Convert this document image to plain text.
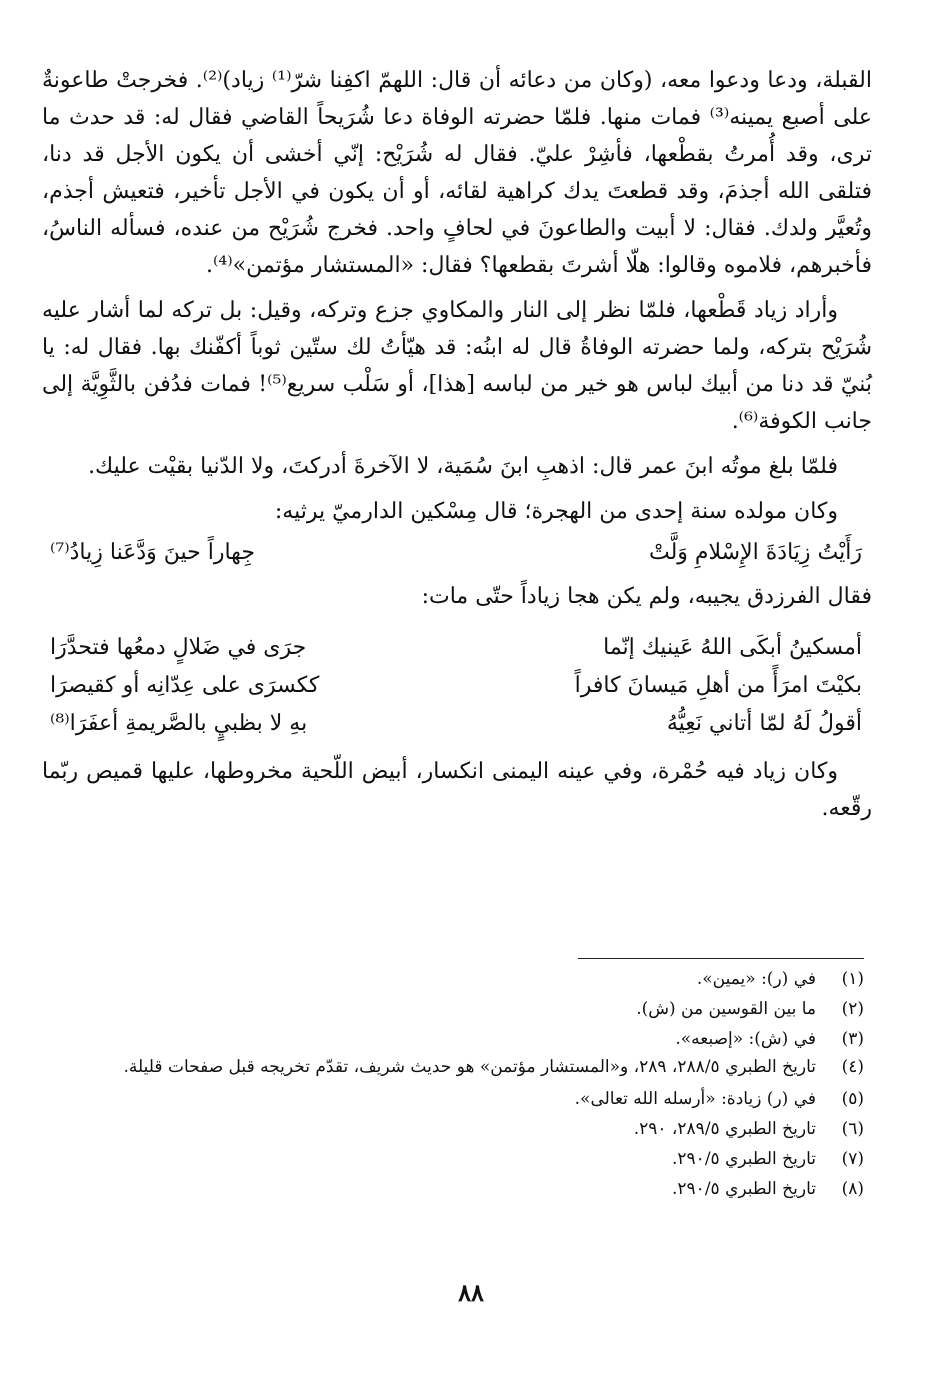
القبلة، ودعا ودعوا معه، (وكان من دعائه أن قال: اللهمّ اكفِنا شرّ⁽¹⁾ زياد)⁽²⁾. فخرجتْ طاعونةٌ على أصبع يمينه⁽³⁾ فمات منها. فلمّا حضرته الوفاة دعا شُرَيحاً القاضي فقال له: قد حدث ما ترى، وقد أُمرتُ بقطْعها، فأشِرْ عليّ. فقال له شُرَيْح: إنّي أخشى أن يكون الأجل قد دنا، فتلقى الله أجذمَ، وقد قطعتَ يدك كراهية لقائه، أو أن يكون في الأجل تأخير، فتعيش أجذم، وتُعيَّر ولدك. فقال: لا أبيت والطاعونَ في لحافٍ واحد. فخرج شُرَيْح من عنده، فسأله الناسُ، فأخبرهم، فلاموه وقالوا: هلّا أشرتَ بقطعها؟ فقال: «المستشار مؤتمن»⁽⁴⁾.

وأراد زياد قَطْعها، فلمّا نظر إلى النار والمكاوي جزع وتركه، وقيل: بل تركه لما أشار عليه شُرَيْح بتركه، ولما حضرته الوفاةُ قال له ابنُه: قد هيّأتُ لك ستّين ثوباً أكفّنك بها. فقال له: يا بُنيّ قد دنا من أبيك لباس هو خير من لباسه [هذا]، أو سَلْب سريع⁽⁵⁾! فمات فدُفن بالثَّوِيَّة إلى جانب الكوفة⁽⁶⁾.

فلمّا بلغ موتُه ابنَ عمر قال: اذهبِ ابنَ سُمَية، لا الآخرةَ أدركتَ، ولا الدّنيا بقيْت عليك.

وكان مولده سنة إحدى من الهجرة؛ قال مِسْكين الدارميّ يرثيه:

رَأَيْتُ زِيَادَةَ الإِسْلامِ وَلَّتْ
جِهاراً حينَ وَدَّعَنا زِيادُ⁽⁷⁾

فقال الفرزدق يجيبه، ولم يكن هجا زياداً حتّى مات:

أمسكينُ أبكَى اللهُ عَينيك إنّما
جرَى في ضَلالٍ دمعُها فتحدَّرَا
بكيْتَ امرَأً من أهلِ مَيسانَ كافراً
ككسرَى على عِدّانِه أو كقيصرَا
أقولُ لَهُ لمّا أتاني نَعِيُّهُ
بهِ لا بظبيٍ بالصَّريمةِ أعفَرَا⁽⁸⁾

وكان زياد فيه حُمْرة، وفي عينه اليمنى انكسار، أبيض اللّحية مخروطها، عليها قميص ربّما رقّعه.

(١)
في (ر): «يمين».
(٢)
ما بين القوسين من (ش).
(٣)
في (ش): «إصبعه».
(٤)
تاريخ الطبري ٢٨٨/٥، ٢٨٩، و«المستشار مؤتمن» هو حديث شريف، تقدّم تخريجه قبل صفحات قليلة.
(٥)
في (ر) زيادة: «أرسله الله تعالى».
(٦)
تاريخ الطبري ٢٨٩/٥، ٢٩٠.
(٧)
تاريخ الطبري ٢٩٠/٥.
(٨)
تاريخ الطبري ٢٩٠/٥.
٨٨
